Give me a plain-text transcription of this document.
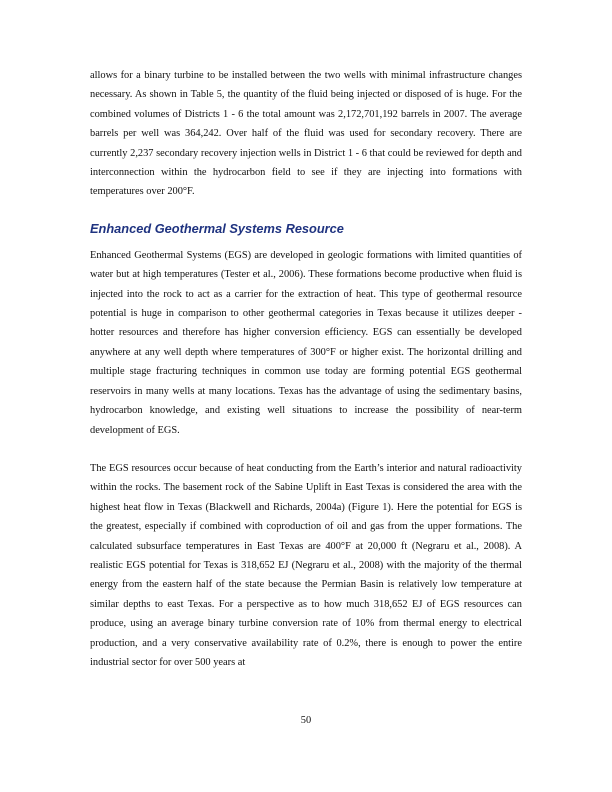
allows for a binary turbine to be installed between the two wells with minimal infrastructure changes necessary. As shown in Table 5, the quantity of the fluid being injected or disposed of is huge. For the combined volumes of Districts 1 - 6 the total amount was 2,172,701,192 barrels in 2007. The average barrels per well was 364,242. Over half of the fluid was used for secondary recovery. There are currently 2,237 secondary recovery injection wells in District 1 - 6 that could be reviewed for depth and interconnection within the hydrocarbon field to see if they are injecting into formations with temperatures over 200°F.

Enhanced Geothermal Systems Resource

Enhanced Geothermal Systems (EGS) are developed in geologic formations with limited quantities of water but at high temperatures (Tester et al., 2006). These formations become productive when fluid is injected into the rock to act as a carrier for the extraction of heat. This type of geothermal resource potential is huge in comparison to other geothermal categories in Texas because it utilizes deeper - hotter resources and therefore has higher conversion efficiency. EGS can essentially be developed anywhere at any well depth where temperatures of 300°F or higher exist. The horizontal drilling and multiple stage fracturing techniques in common use today are forming potential EGS geothermal reservoirs in many wells at many locations. Texas has the advantage of using the sedimentary basins, hydrocarbon knowledge, and existing well situations to increase the possibility of near-term development of EGS.

The EGS resources occur because of heat conducting from the Earth’s interior and natural radioactivity within the rocks. The basement rock of the Sabine Uplift in East Texas is considered the area with the highest heat flow in Texas (Blackwell and Richards, 2004a) (Figure 1). Here the potential for EGS is the greatest, especially if combined with coproduction of oil and gas from the upper formations. The calculated subsurface temperatures in East Texas are 400°F at 20,000 ft (Negraru et al., 2008). A realistic EGS potential for Texas is 318,652 EJ (Negraru et al., 2008) with the majority of the thermal energy from the eastern half of the state because the Permian Basin is relatively low temperature at similar depths to east Texas. For a perspective as to how much 318,652 EJ of EGS resources can produce, using an average binary turbine conversion rate of 10% from thermal energy to electrical production, and a very conservative availability rate of 0.2%, there is enough to power the entire industrial sector for over 500 years at

50
